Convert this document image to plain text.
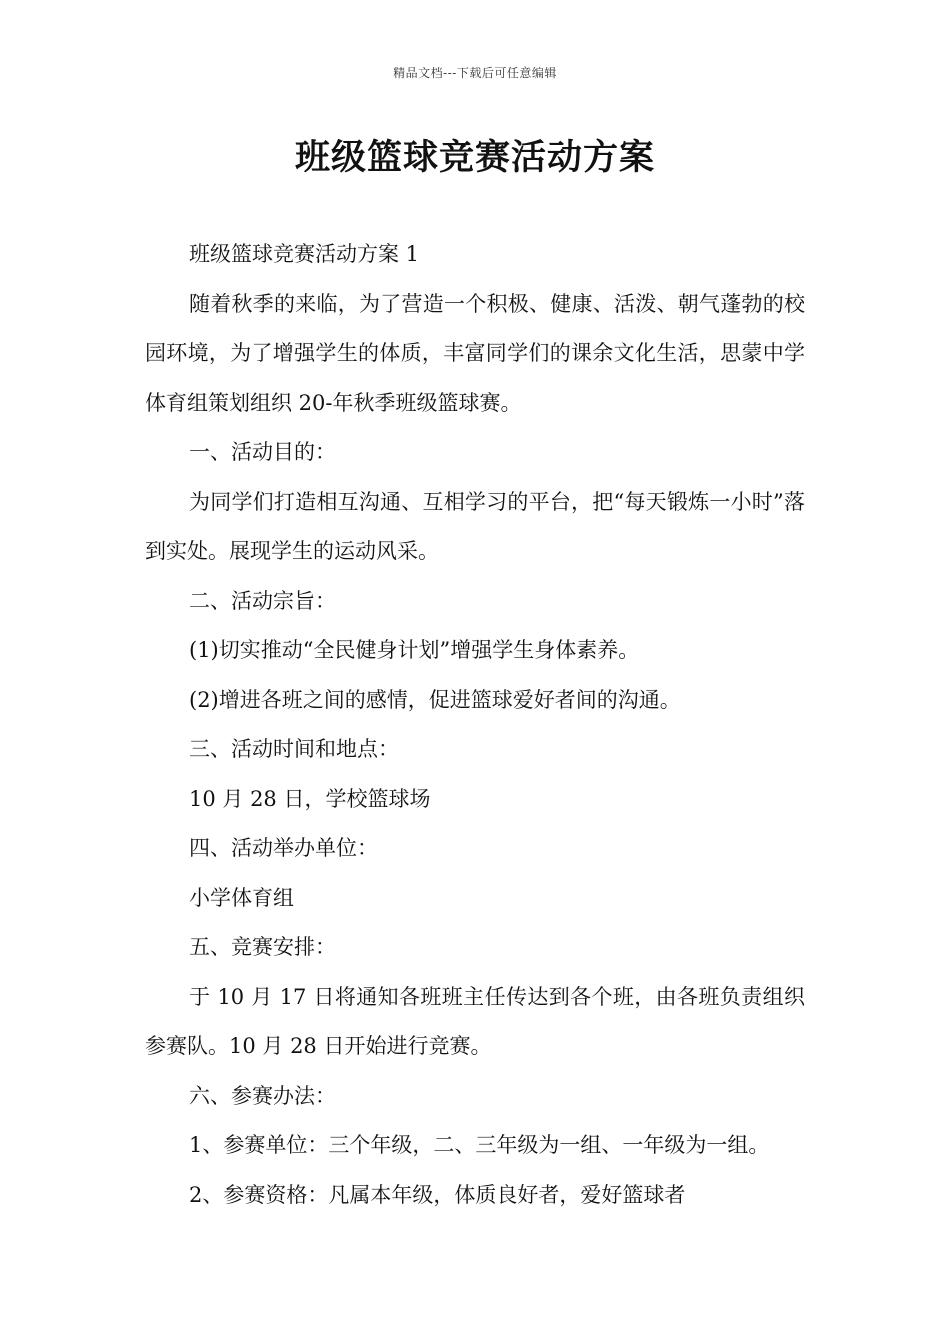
精品文档---下载后可任意编辑
班级篮球竞赛活动方案

班级篮球竞赛活动方案 1

随着秋季的来临，为了营造一个积极、健康、活泼、朝气蓬勃的校园环境，为了增强学生的体质，丰富同学们的课余文化生活，思蒙中学体育组策划组织 20-年秋季班级篮球赛。

一、活动目的：

为同学们打造相互沟通、互相学习的平台，把“每天锻炼一小时”落到实处。展现学生的运动风采。

二、活动宗旨：

(1)切实推动“全民健身计划”增强学生身体素养。

(2)增进各班之间的感情，促进篮球爱好者间的沟通。

三、活动时间和地点：

10 月 28 日，学校篮球场

四、活动举办单位：

小学体育组

五、竞赛安排：

于 10 月 17 日将通知各班班主任传达到各个班，由各班负责组织参赛队。10 月 28 日开始进行竞赛。

六、参赛办法：

1、参赛单位：三个年级，二、三年级为一组、一年级为一组。

2、参赛资格：凡属本年级，体质良好者，爱好篮球者
